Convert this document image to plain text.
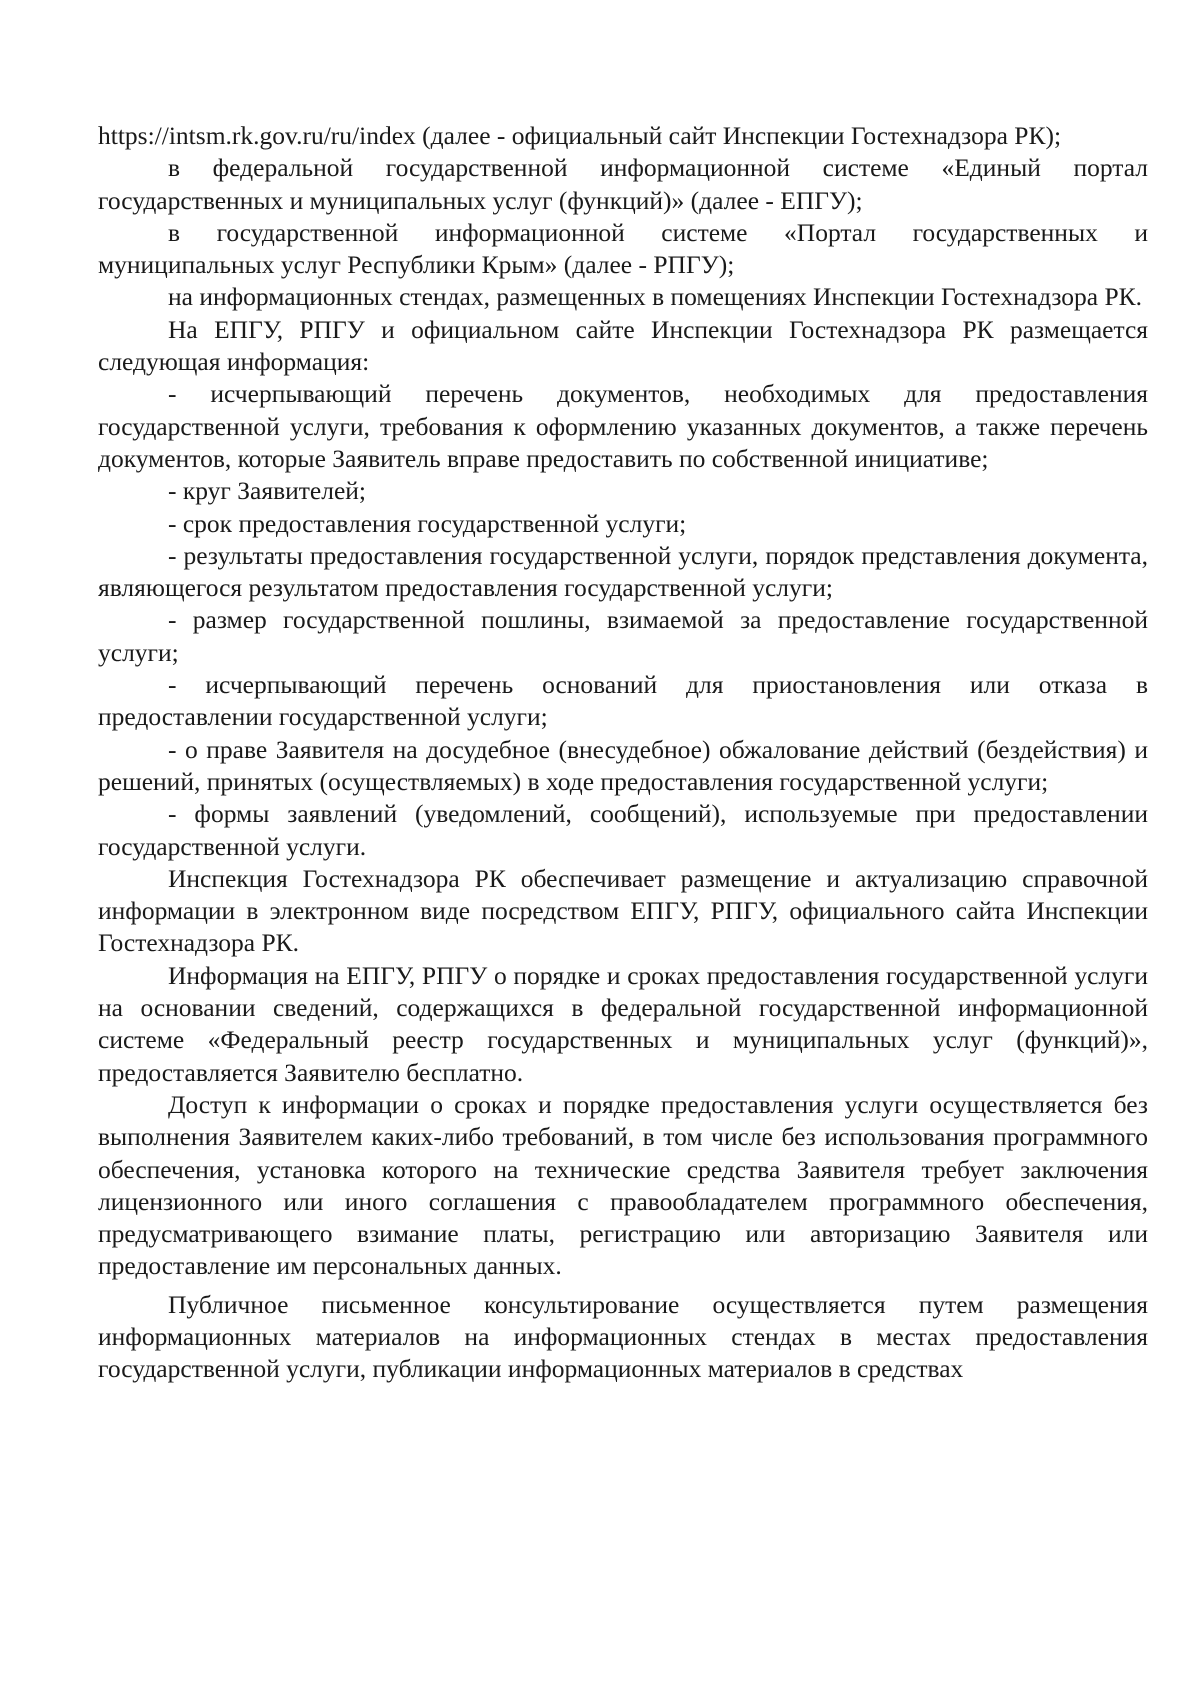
https://intsm.rk.gov.ru/ru/index (далее - официальный сайт Инспекции Гостехнадзора РК);

в федеральной государственной информационной системе «Единый портал государственных и муниципальных услуг (функций)» (далее - ЕПГУ);

в государственной информационной системе «Портал государственных и муниципальных услуг Республики Крым» (далее - РПГУ);

на информационных стендах, размещенных в помещениях Инспекции Гостехнадзора РК.

На ЕПГУ, РПГУ и официальном сайте Инспекции Гостехнадзора РК размещается следующая информация:

- исчерпывающий перечень документов, необходимых для предоставления государственной услуги, требования к оформлению указанных документов, а также перечень документов, которые Заявитель вправе предоставить по собственной инициативе;

- круг Заявителей;

- срок предоставления государственной услуги;

- результаты предоставления государственной услуги, порядок представления документа, являющегося результатом предоставления государственной услуги;

- размер государственной пошлины, взимаемой за предоставление государственной услуги;

- исчерпывающий перечень оснований для приостановления или отказа в предоставлении государственной услуги;

- о праве Заявителя на досудебное (внесудебное) обжалование действий (бездействия) и решений, принятых (осуществляемых) в ходе предоставления государственной услуги;

- формы заявлений (уведомлений, сообщений), используемые при предоставлении государственной услуги.

Инспекция Гостехнадзора РК обеспечивает размещение и актуализацию справочной информации в электронном виде посредством ЕПГУ, РПГУ, официального сайта Инспекции Гостехнадзора РК.

Информация на ЕПГУ, РПГУ о порядке и сроках предоставления государственной услуги на основании сведений, содержащихся в федеральной государственной информационной системе «Федеральный реестр государственных и муниципальных услуг (функций)», предоставляется Заявителю бесплатно.

Доступ к информации о сроках и порядке предоставления услуги осуществляется без выполнения Заявителем каких-либо требований, в том числе без использования программного обеспечения, установка которого на технические средства Заявителя требует заключения лицензионного или иного соглашения с правообладателем программного обеспечения, предусматривающего взимание платы, регистрацию или авторизацию Заявителя или предоставление им персональных данных.

Публичное письменное консультирование осуществляется путем размещения информационных материалов на информационных стендах в местах предоставления государственной услуги, публикации информационных материалов в средствах
